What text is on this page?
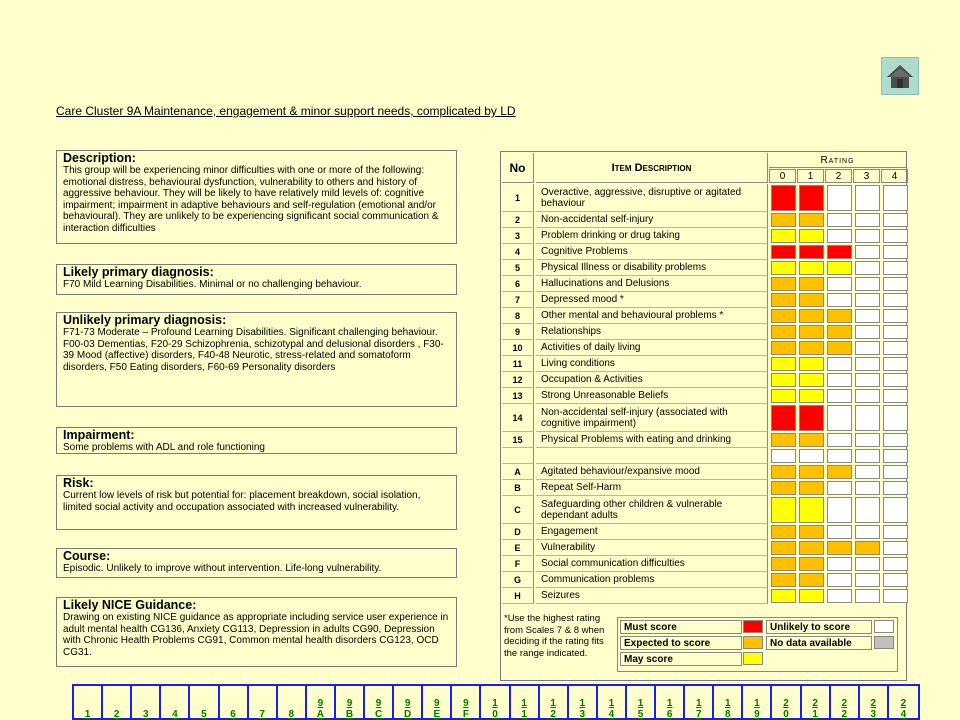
Care Cluster 9A Maintenance, engagement & minor support needs, complicated by LD
Description:
This group will be experiencing minor difficulties with one or more of the following: emotional distress, behavioural dysfunction, vulnerability to others and history of aggressive behaviour. They will be likely to have relatively mild levels of: cognitive impairment; impairment in adaptive behaviours and self-regulation (emotional and/or behavioural). They are unlikely to be experiencing significant social communication & interaction difficulties
Likely primary diagnosis:
F70 Mild Learning Disabilities. Minimal or no challenging behaviour.
Unlikely primary diagnosis:
F71-73 Moderate – Profound Learning Disabilities. Significant challenging behaviour. F00-03 Dementias, F20-29 Schizophrenia, schizotypal and delusional disorders , F30-39 Mood (affective) disorders, F40-48 Neurotic, stress-related and somatoform disorders, F50 Eating disorders, F60-69 Personality disorders
Impairment:
Some problems with ADL and role functioning
Risk:
Current low levels of risk but potential for: placement breakdown, social isolation, limited social activity and occupation associated with increased vulnerability.
Course:
Episodic. Unlikely to improve without intervention. Life-long vulnerability.
Likely NICE Guidance:
Drawing on existing NICE guidance as appropriate including service user experience in adult mental health CG136, Anxiety CG113, Depression in adults CG90, Depression with Chronic Health Problems CG91, Common mental health disorders CG123, OCD CG31.
No	Item Description
Rating
0	1	2	3	4
1	Overactive, aggressive, disruptive or agitated behaviour
2	Non-accidental self-injury
3	Problem drinking or drug taking
4	Cognitive Problems
5	Physical Illness or disability problems
6	Hallucinations and Delusions
7	Depressed mood *
8	Other mental and behavioural problems *
9	Relationships
10	Activities of daily living
11	Living conditions
12	Occupation & Activities
13	Strong Unreasonable Beliefs
14	Non-accidental self-injury (associated with cognitive impairment)
15	Physical Problems with eating and drinking
A	Agitated behaviour/expansive mood
B	Repeat Self-Harm
C	Safeguarding other children & vulnerable dependant adults
D	Engagement
E	Vulnerability
F	Social communication difficulties
G	Communication problems
H	Seizures
*Use the highest rating from Scales 7 & 8 when deciding if the rating fits the range indicated.
Must score
Expected to score
May score
Unlikely to score
No data available
1 2 3 4 5 6 7 8
9A
9B
9C
9D
9E
9F
10
11
12
13
14
15
16
17
18
19
20
21
22
23
24
